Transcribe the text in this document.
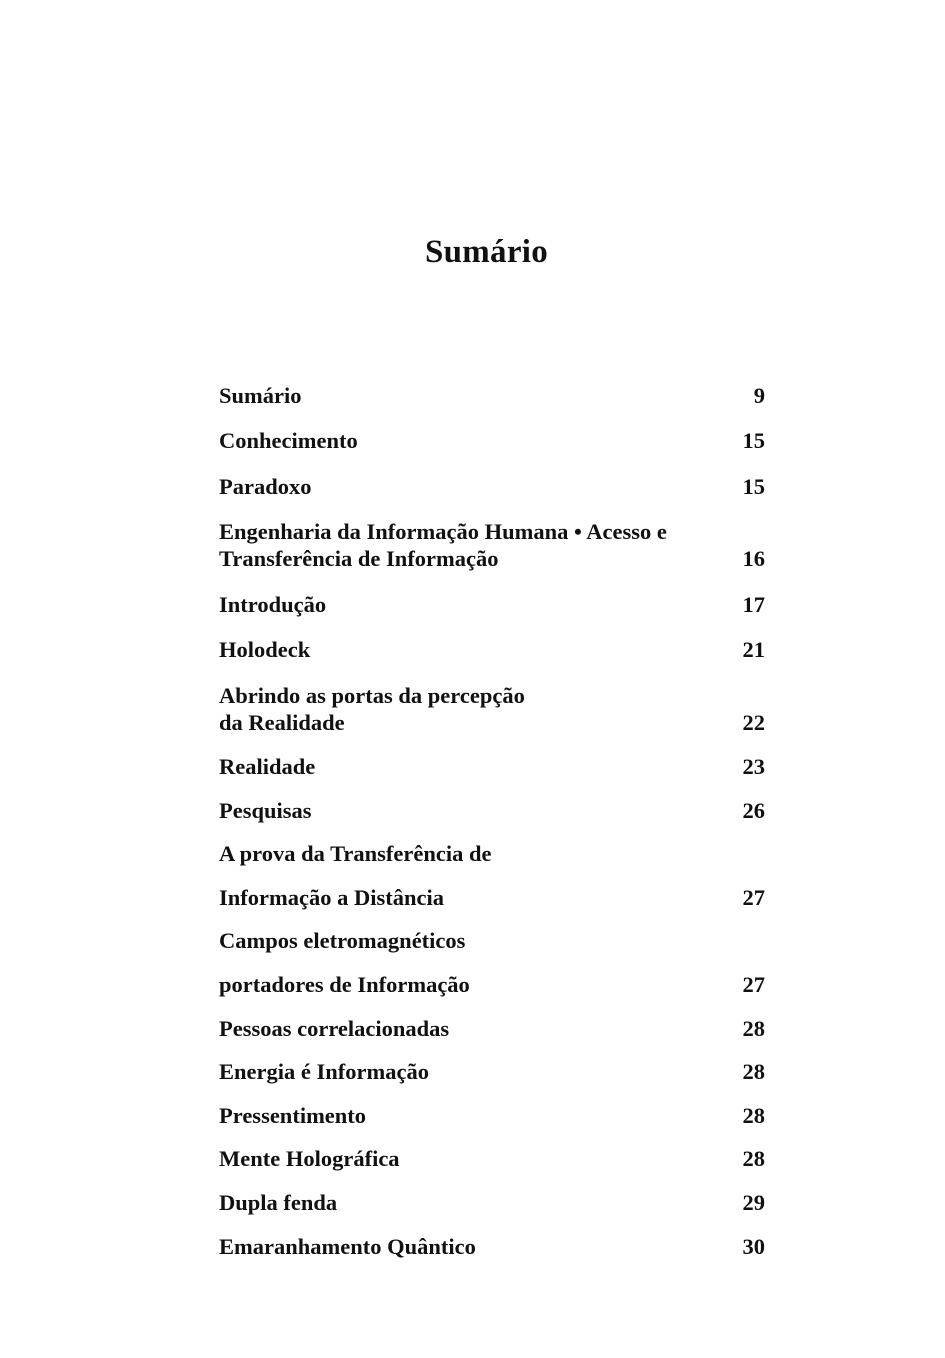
Sumário
Sumário	9
Conhecimento	15
Paradoxo	15
Engenharia da Informação Humana • Acesso e
Transferência de Informação	16
Introdução	17
Holodeck	21
Abrindo as portas da percepção
da Realidade	22
Realidade	23
Pesquisas	26
A prova da Transferência de
Informação a Distância	27
Campos eletromagnéticos
portadores de Informação	27
Pessoas correlacionadas	28
Energia é Informação	28
Pressentimento	28
Mente Holográfica	28
Dupla fenda	29
Emaranhamento Quântico	30
